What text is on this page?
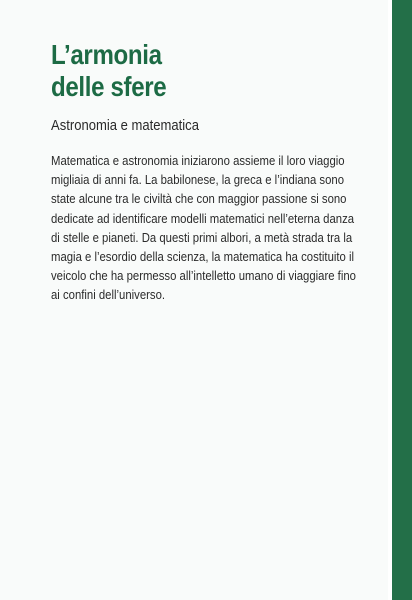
L’armonia
delle sfere

Astronomia e matematica

Matematica e astronomia iniziarono assieme il loro viaggio
migliaia di anni fa. La babilonese, la greca e l’indiana sono
state alcune tra le civiltà che con maggior passione si sono
dedicate ad identificare modelli matematici nell’eterna danza
di stelle e pianeti. Da questi primi albori, a metà strada tra la
magia e l’esordio della scienza, la matematica ha costituito il
veicolo che ha permesso all’intelletto umano di viaggiare fino
ai confini dell’universo.
